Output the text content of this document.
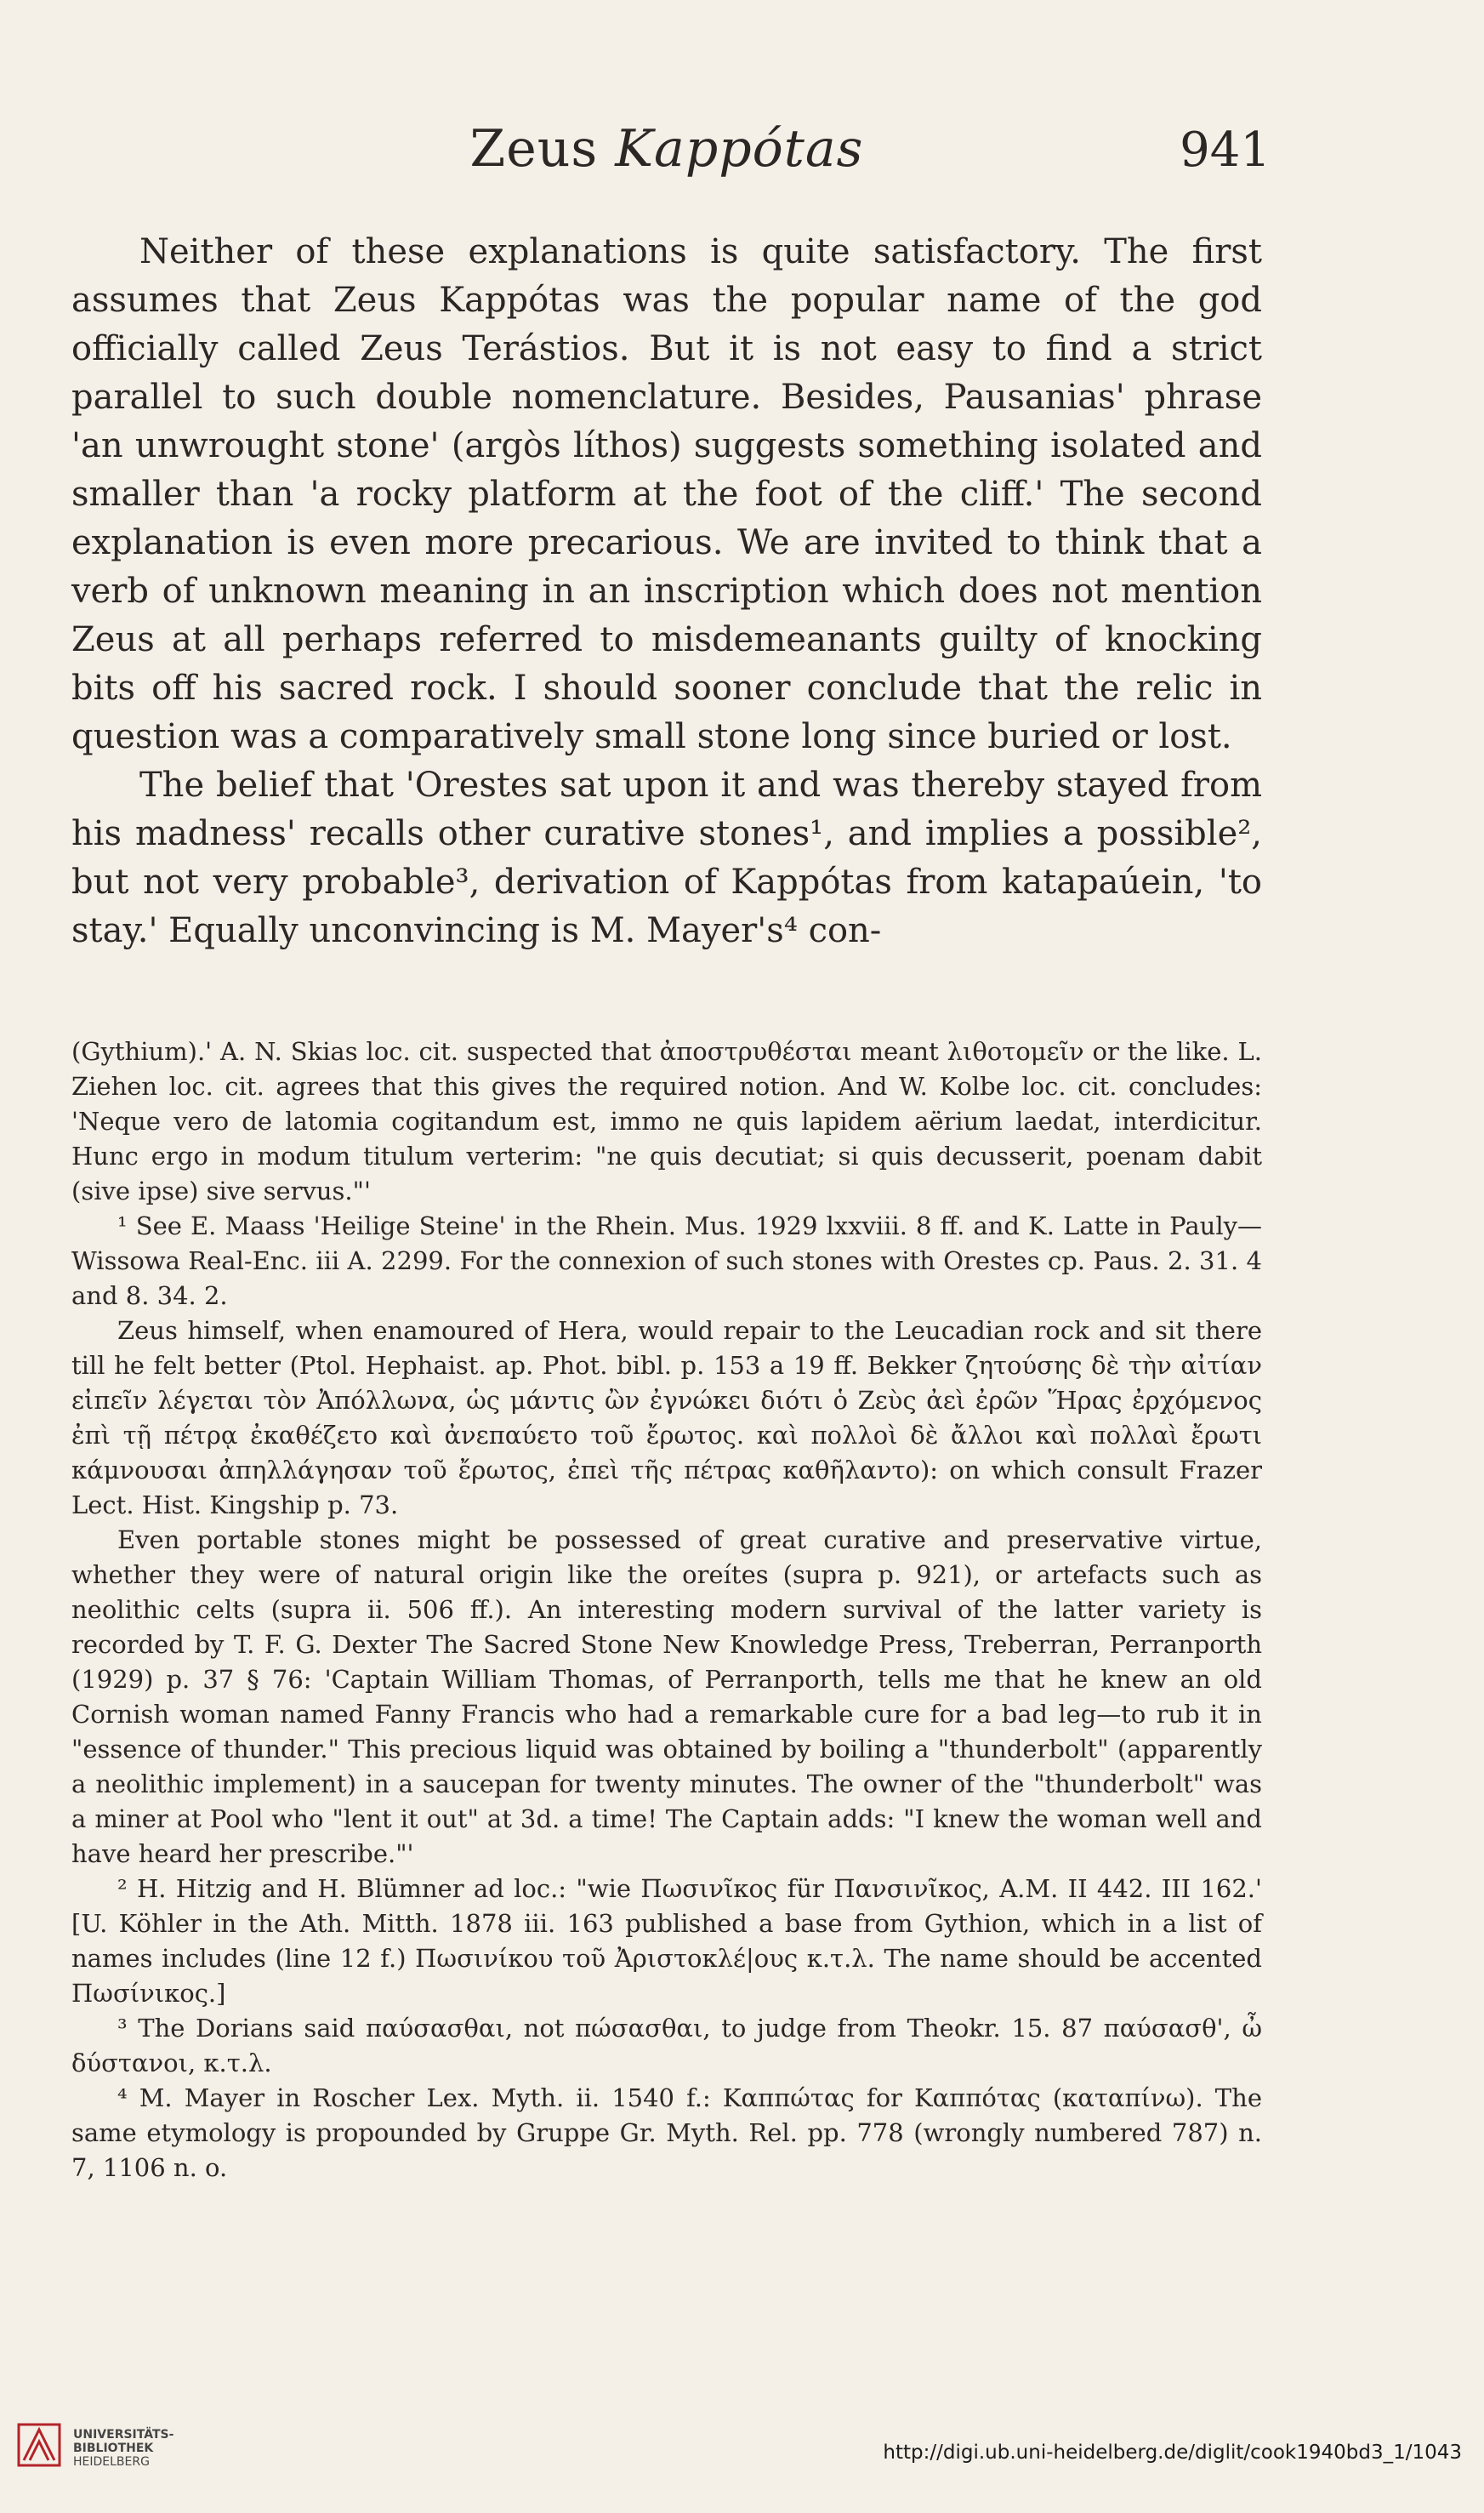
Zeus Kappótas	941

Neither of these explanations is quite satisfactory. The first assumes that Zeus Kappótas was the popular name of the god officially called Zeus Terástios. But it is not easy to find a strict parallel to such double nomenclature. Besides, Pausanias' phrase 'an unwrought stone' (argòs líthos) suggests something isolated and smaller than 'a rocky platform at the foot of the cliff.' The second explanation is even more precarious. We are invited to think that a verb of unknown meaning in an inscription which does not mention Zeus at all perhaps referred to misdemeanants guilty of knocking bits off his sacred rock. I should sooner conclude that the relic in question was a comparatively small stone long since buried or lost.

The belief that 'Orestes sat upon it and was thereby stayed from his madness' recalls other curative stones¹, and implies a possible², but not very probable³, derivation of Kappótas from katapaúein, 'to stay.' Equally unconvincing is M. Mayer's⁴ con-

(Gythium).' A. N. Skias loc. cit. suspected that ἀποστρυθέσται meant λιθοτομεῖν or the like. L. Ziehen loc. cit. agrees that this gives the required notion. And W. Kolbe loc. cit. concludes: 'Neque vero de latomia cogitandum est, immo ne quis lapidem aërium laedat, interdicitur. Hunc ergo in modum titulum verterim: "ne quis decutiat; si quis decusserit, poenam dabit (sive ipse) sive servus."'

¹ See E. Maass 'Heilige Steine' in the Rhein. Mus. 1929 lxxviii. 8 ff. and K. Latte in Pauly—Wissowa Real-Enc. iii A. 2299. For the connexion of such stones with Orestes cp. Paus. 2. 31. 4 and 8. 34. 2.

Zeus himself, when enamoured of Hera, would repair to the Leucadian rock and sit there till he felt better (Ptol. Hephaist. ap. Phot. bibl. p. 153 a 19 ff. Bekker ζητούσης δὲ τὴν αἰτίαν εἰπεῖν λέγεται τὸν Ἀπόλλωνα, ὡς μάντις ὢν ἐγνώκει διότι ὁ Ζεὺς ἀεὶ ἐρῶν Ἥρας ἐρχόμενος ἐπὶ τῇ πέτρᾳ ἐκαθέζετο καὶ ἀνεπαύετο τοῦ ἔρωτος. καὶ πολλοὶ δὲ ἄλλοι καὶ πολλαὶ ἔρωτι κάμνουσαι ἀπηλλάγησαν τοῦ ἔρωτος, ἐπεὶ τῆς πέτρας καθῆλαντο): on which consult Frazer Lect. Hist. Kingship p. 73.

Even portable stones might be possessed of great curative and preservative virtue, whether they were of natural origin like the oreítes (supra p. 921), or artefacts such as neolithic celts (supra ii. 506 ff.). An interesting modern survival of the latter variety is recorded by T. F. G. Dexter The Sacred Stone New Knowledge Press, Treberran, Perranporth (1929) p. 37 § 76: 'Captain William Thomas, of Perranporth, tells me that he knew an old Cornish woman named Fanny Francis who had a remarkable cure for a bad leg—to rub it in "essence of thunder." This precious liquid was obtained by boiling a "thunderbolt" (apparently a neolithic implement) in a saucepan for twenty minutes. The owner of the "thunderbolt" was a miner at Pool who "lent it out" at 3d. a time! The Captain adds: "I knew the woman well and have heard her prescribe."'

² H. Hitzig and H. Blümner ad loc.: "wie Πωσινῖκος für Πανσινῖκος, A.M. II 442. III 162.' [U. Köhler in the Ath. Mitth. 1878 iii. 163 published a base from Gythion, which in a list of names includes (line 12 f.) Πωσινίκου τοῦ Ἀριστοκλέ|ους κ.τ.λ. The name should be accented Πωσίνικος.]

³ The Dorians said παύσασθαι, not πώσασθαι, to judge from Theokr. 15. 87 παύσασθ', ὦ δύστανοι, κ.τ.λ.

⁴ M. Mayer in Roscher Lex. Myth. ii. 1540 f.: Καππώτας for Καππότας (καταπίνω). The same etymology is propounded by Gruppe Gr. Myth. Rel. pp. 778 (wrongly numbered 787) n. 7, 1106 n. o.

UNIVERSITÄTS-
BIBLIOTHEK
HEIDELBERG	http://digi.ub.uni-heidelberg.de/diglit/cook1940bd3_1/1043
